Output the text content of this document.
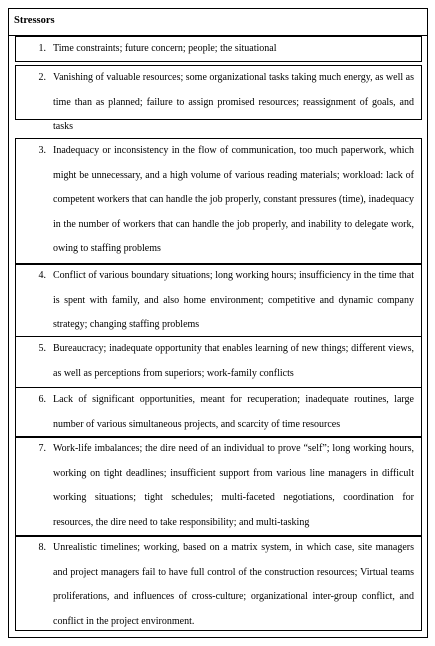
Stressors
1. Time constraints; future concern; people; the situational
2. Vanishing of valuable resources; some organizational tasks taking much energy, as well as time than as planned; failure to assign promised resources; reassignment of goals, and tasks
3. Inadequacy or inconsistency in the flow of communication, too much paperwork, which might be unnecessary, and a high volume of various reading materials; workload: lack of competent workers that can handle the job properly, constant pressures (time), inadequacy in the number of workers that can handle the job properly, and inability to delegate work, owing to staffing problems
4. Conflict of various boundary situations; long working hours; insufficiency in the time that is spent with family, and also home environment; competitive and dynamic company strategy; changing staffing problems
5. Bureaucracy; inadequate opportunity that enables learning of new things; different views, as well as perceptions from superiors; work-family conflicts
6. Lack of significant opportunities, meant for recuperation; inadequate routines, large number of various simultaneous projects, and scarcity of time resources
7. Work-life imbalances; the dire need of an individual to prove “self”; long working hours, working on tight deadlines; insufficient support from various line managers in difficult working situations; tight schedules; multi-faceted negotiations, coordination for resources, the dire need to take responsibility; and multi-tasking
8. Unrealistic timelines; working, based on a matrix system, in which case, site managers and project managers fail to have full control of the construction resources; Virtual teams proliferations, and influences of cross-culture; organizational inter-group conflict, and conflict in the project environment.
